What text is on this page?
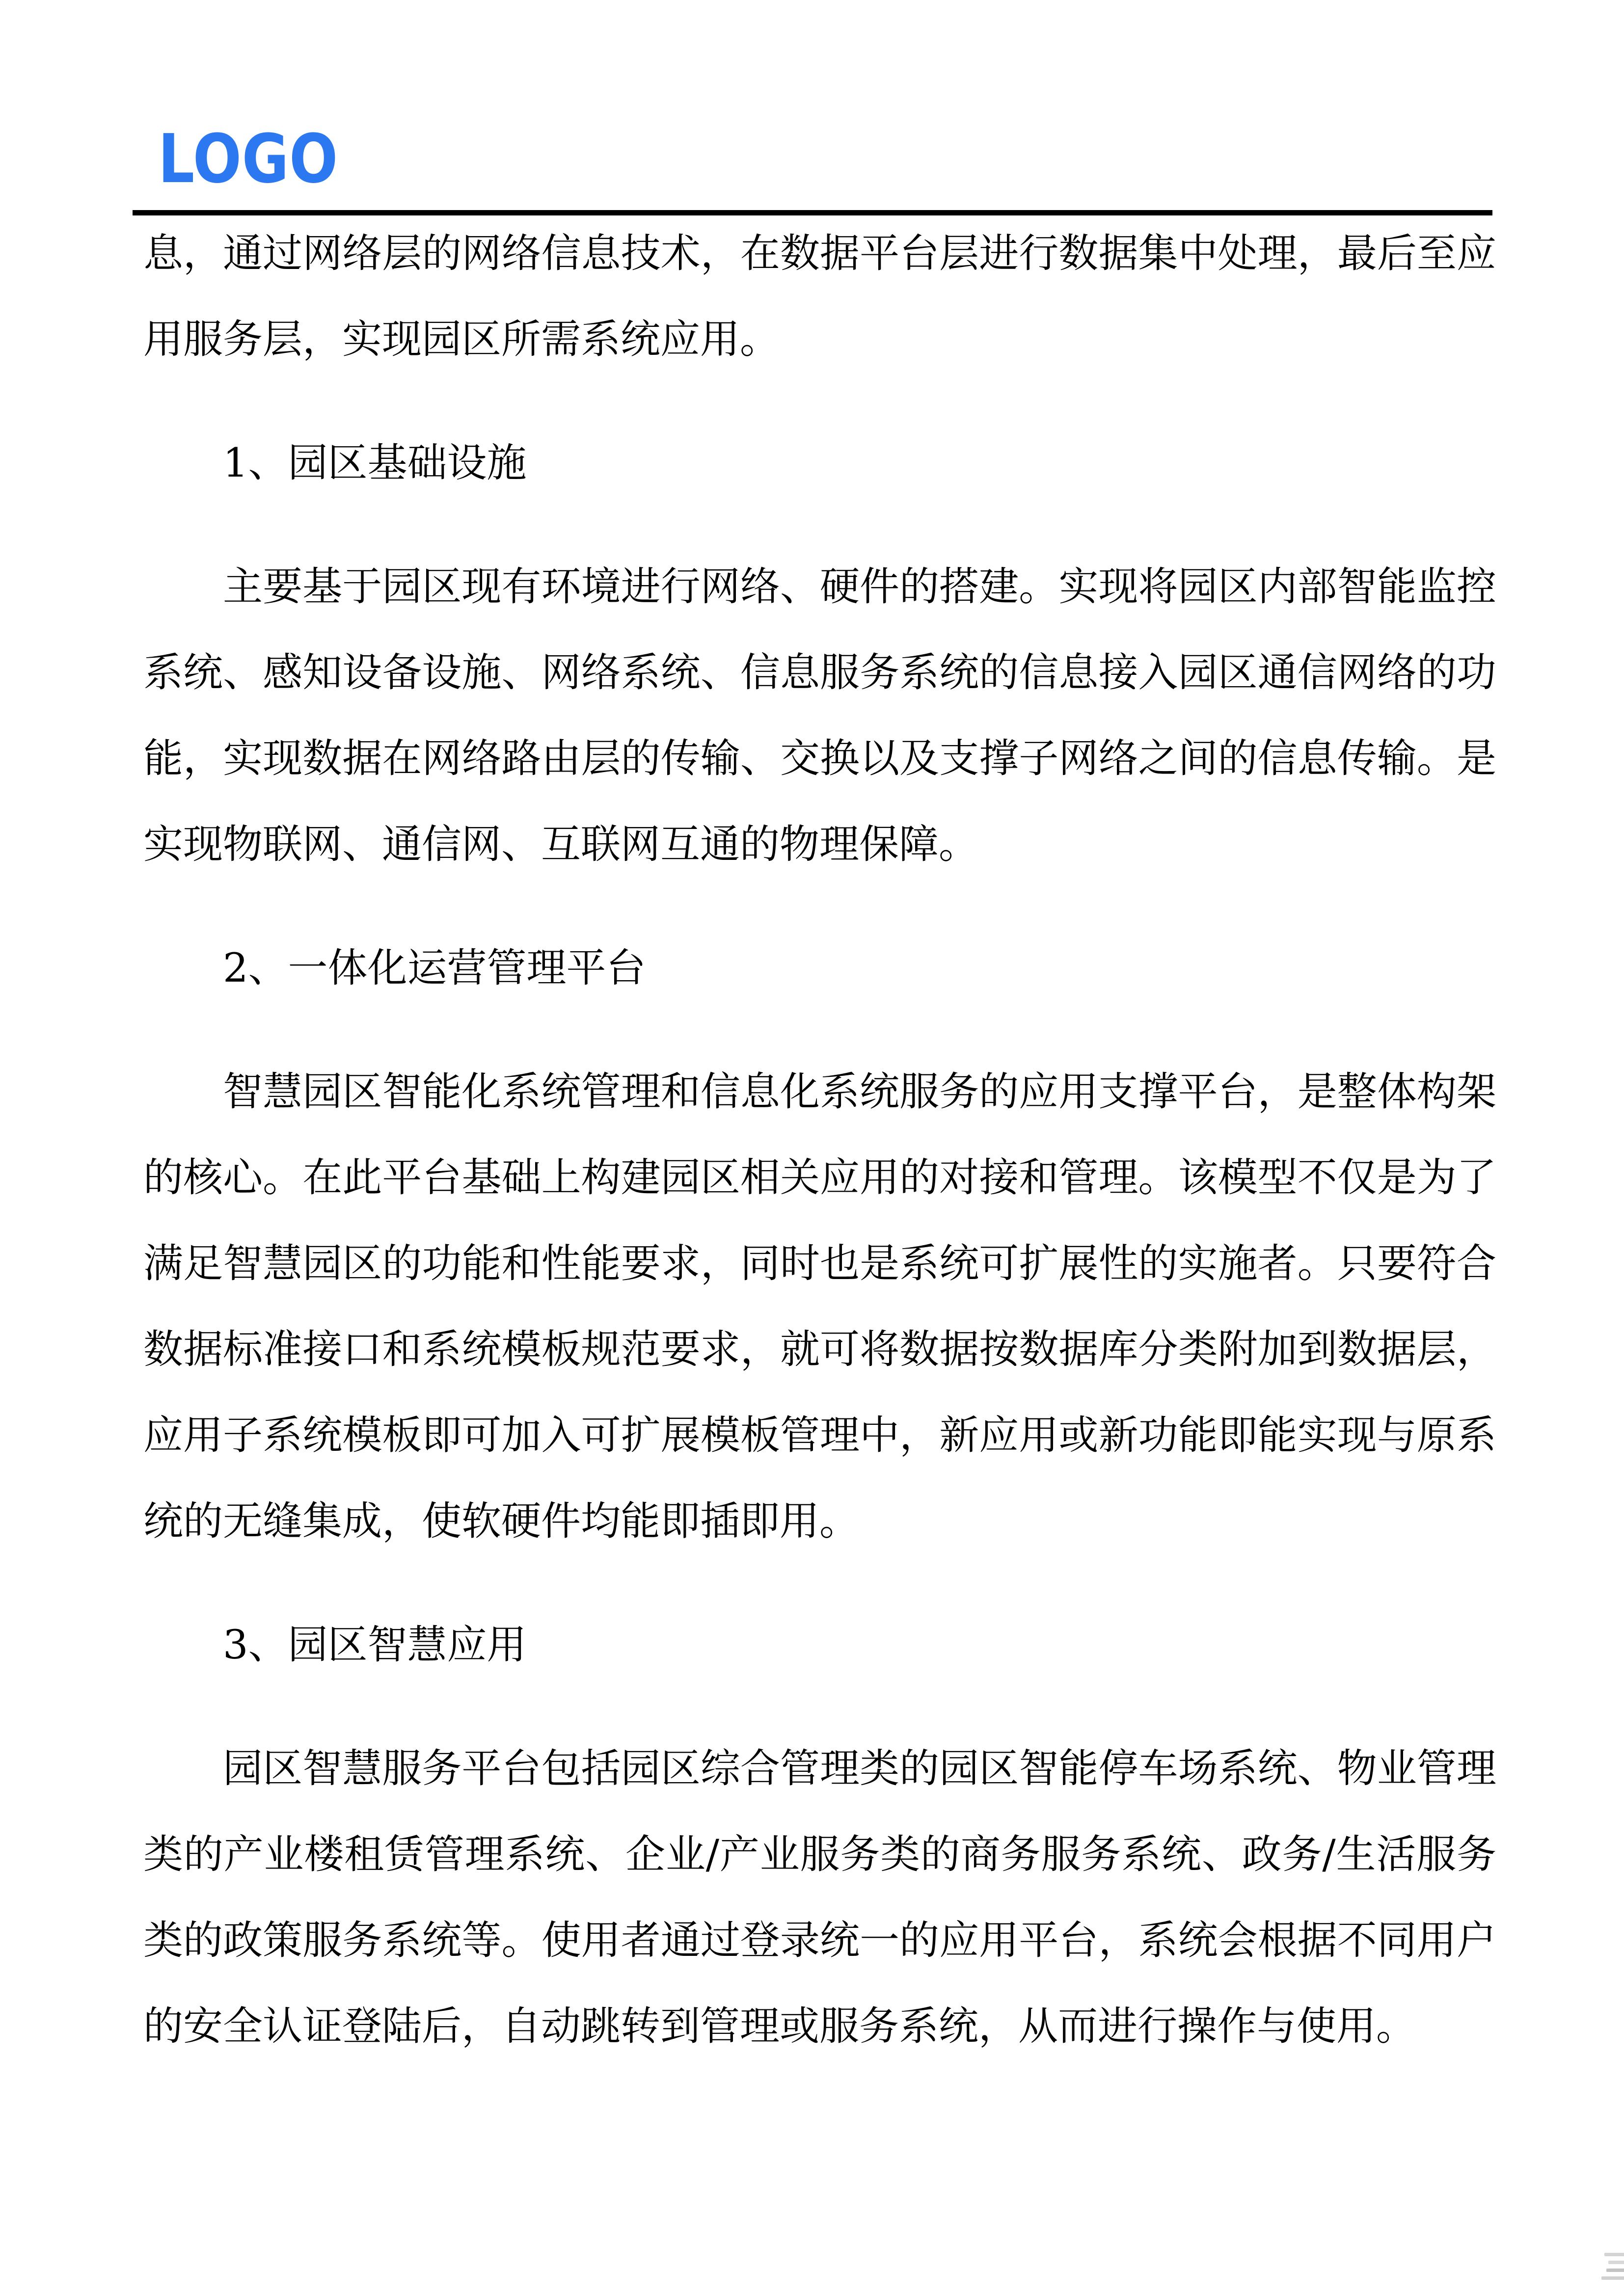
LOGO

息，通过网络层的网络信息技术，在数据平台层进行数据集中处理，最后至应用服务层，实现园区所需系统应用。

1、园区基础设施

主要基于园区现有环境进行网络、硬件的搭建。实现将园区内部智能监控系统、感知设备设施、网络系统、信息服务系统的信息接入园区通信网络的功能，实现数据在网络路由层的传输、交换以及支撑子网络之间的信息传输。是实现物联网、通信网、互联网互通的物理保障。

2、一体化运营管理平台

智慧园区智能化系统管理和信息化系统服务的应用支撑平台，是整体构架的核心。在此平台基础上构建园区相关应用的对接和管理。该模型不仅是为了满足智慧园区的功能和性能要求，同时也是系统可扩展性的实施者。只要符合数据标准接口和系统模板规范要求，就可将数据按数据库分类附加到数据层，应用子系统模板即可加入可扩展模板管理中，新应用或新功能即能实现与原系统的无缝集成，使软硬件均能即插即用。

3、园区智慧应用

园区智慧服务平台包括园区综合管理类的园区智能停车场系统、物业管理类的产业楼租赁管理系统、企业/产业服务类的商务服务系统、政务/生活服务类的政策服务系统等。使用者通过登录统一的应用平台，系统会根据不同用户的安全认证登陆后，自动跳转到管理或服务系统，从而进行操作与使用。
